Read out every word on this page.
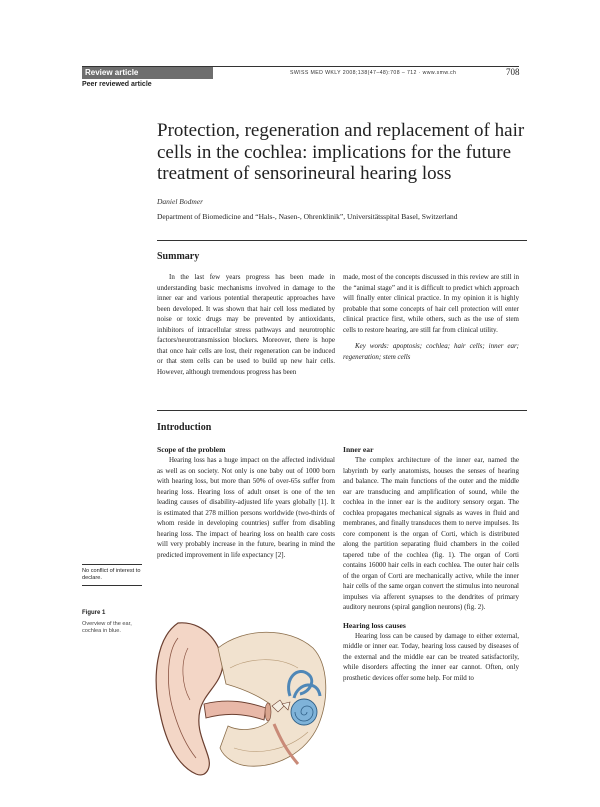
Review article	SWISS MED WKLY 2008;138(47–48):708 – 712 · www.smw.ch	708
Peer reviewed article
Protection, regeneration and replacement of hair cells in the cochlea: implications for the future treatment of sensorineural hearing loss
Daniel Bodmer
Department of Biomedicine and “Hals-, Nasen-, Ohrenklinik”, Universitätsspital Basel, Switzerland
Summary

In the last few years progress has been made in understanding basic mechanisms involved in damage to the inner ear and various potential therapeutic approaches have been developed. It was shown that hair cell loss mediated by noise or toxic drugs may be prevented by antioxidants, inhibitors of intracellular stress pathways and neurotrophic factors/neurotransmission blockers. Moreover, there is hope that once hair cells are lost, their regeneration can be induced or that stem cells can be used to build up new hair cells. However, although tremendous progress has been

made, most of the concepts discussed in this review are still in the “animal stage” and it is difficult to predict which approach will finally enter clinical practice. In my opinion it is highly probable that some concepts of hair cell protection will enter clinical practice first, while others, such as the use of stem cells to restore hearing, are still far from clinical utility.

Key words: apoptosis; cochlea; hair cells; inner ear; regeneration; stem cells

Introduction
Scope of the problem

Hearing loss has a huge impact on the affected individual as well as on society. Not only is one baby out of 1000 born with hearing loss, but more than 50% of over-65s suffer from hearing loss. Hearing loss of adult onset is one of the ten leading causes of disability-adjusted life years globally [1]. It is estimated that 278 million persons worldwide (two-thirds of whom reside in developing countries) suffer from disabling hearing loss. The impact of hearing loss on health care costs will very probably increase in the future, bearing in mind the predicted improvement in life expectancy [2].

Inner ear

The complex architecture of the inner ear, named the labyrinth by early anatomists, houses the senses of hearing and balance. The main functions of the outer and the middle ear are transducing and amplification of sound, while the cochlea in the inner ear is the auditory sensory organ. The cochlea propagates mechanical signals as waves in fluid and membranes, and finally transduces them to nerve impulses. Its core component is the organ of Corti, which is distributed along the partition separating fluid chambers in the coiled tapered tube of the cochlea (fig. 1). The organ of Corti contains 16000 hair cells in each cochlea. The outer hair cells of the organ of Corti are mechanically active, while the inner hair cells of the same organ convert the stimulus into neuronal impulses via afferent synapses to the dendrites of primary auditory neurons (spiral ganglion neurons) (fig. 2).

Hearing loss causes

Hearing loss can be caused by damage to either external, middle or inner ear. Today, hearing loss caused by diseases of the external and the middle ear can be treated satisfactorily, while disorders affecting the inner ear cannot. Often, only prosthetic devices offer some help. For mild to

No conflict of interest to declare.
Figure 1
Overview of the ear, cochlea in blue.
